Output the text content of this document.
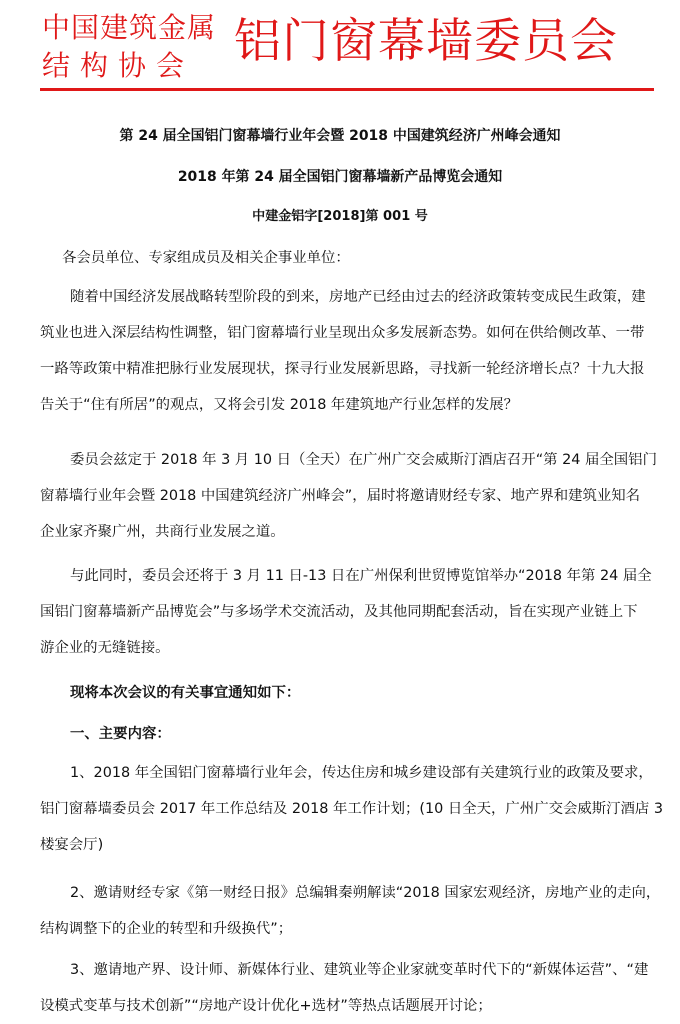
中国建筑金属
结构协会 铝门窗幕墙委员会
第 24 届全国铝门窗幕墙行业年会暨 2018 中国建筑经济广州峰会通知
2018 年第 24 届全国铝门窗幕墙新产品博览会通知
中建金铝字[2018]第 001 号
各会员单位、专家组成员及相关企事业单位：
随着中国经济发展战略转型阶段的到来，房地产已经由过去的经济政策转变成民生政策，建
筑业也进入深层结构性调整，铝门窗幕墙行业呈现出众多发展新态势。如何在供给侧改革、一带
一路等政策中精准把脉行业发展现状，探寻行业发展新思路，寻找新一轮经济增长点？十九大报
告关于“住有所居”的观点，又将会引发 2018 年建筑地产行业怎样的发展？
委员会兹定于 2018 年 3 月 10 日（全天）在广州广交会威斯汀酒店召开“第 24 届全国铝门
窗幕墙行业年会暨 2018 中国建筑经济广州峰会”，届时将邀请财经专家、地产界和建筑业知名
企业家齐聚广州，共商行业发展之道。
与此同时，委员会还将于 3 月 11 日-13 日在广州保利世贸博览馆举办“2018 年第 24 届全
国铝门窗幕墙新产品博览会”与多场学术交流活动，及其他同期配套活动，旨在实现产业链上下
游企业的无缝链接。
现将本次会议的有关事宜通知如下：
一、主要内容：
1、2018 年全国铝门窗幕墙行业年会，传达住房和城乡建设部有关建筑行业的政策及要求，
铝门窗幕墙委员会 2017 年工作总结及 2018 年工作计划；(10 日全天，广州广交会威斯汀酒店 3
楼宴会厅)
2、邀请财经专家《第一财经日报》总编辑秦朔解读“2018 国家宏观经济，房地产业的走向，
结构调整下的企业的转型和升级换代”；
3、邀请地产界、设计师、新媒体行业、建筑业等企业家就变革时代下的“新媒体运营”、“建
设模式变革与技术创新”“房地产设计优化+选材”等热点话题展开讨论；
